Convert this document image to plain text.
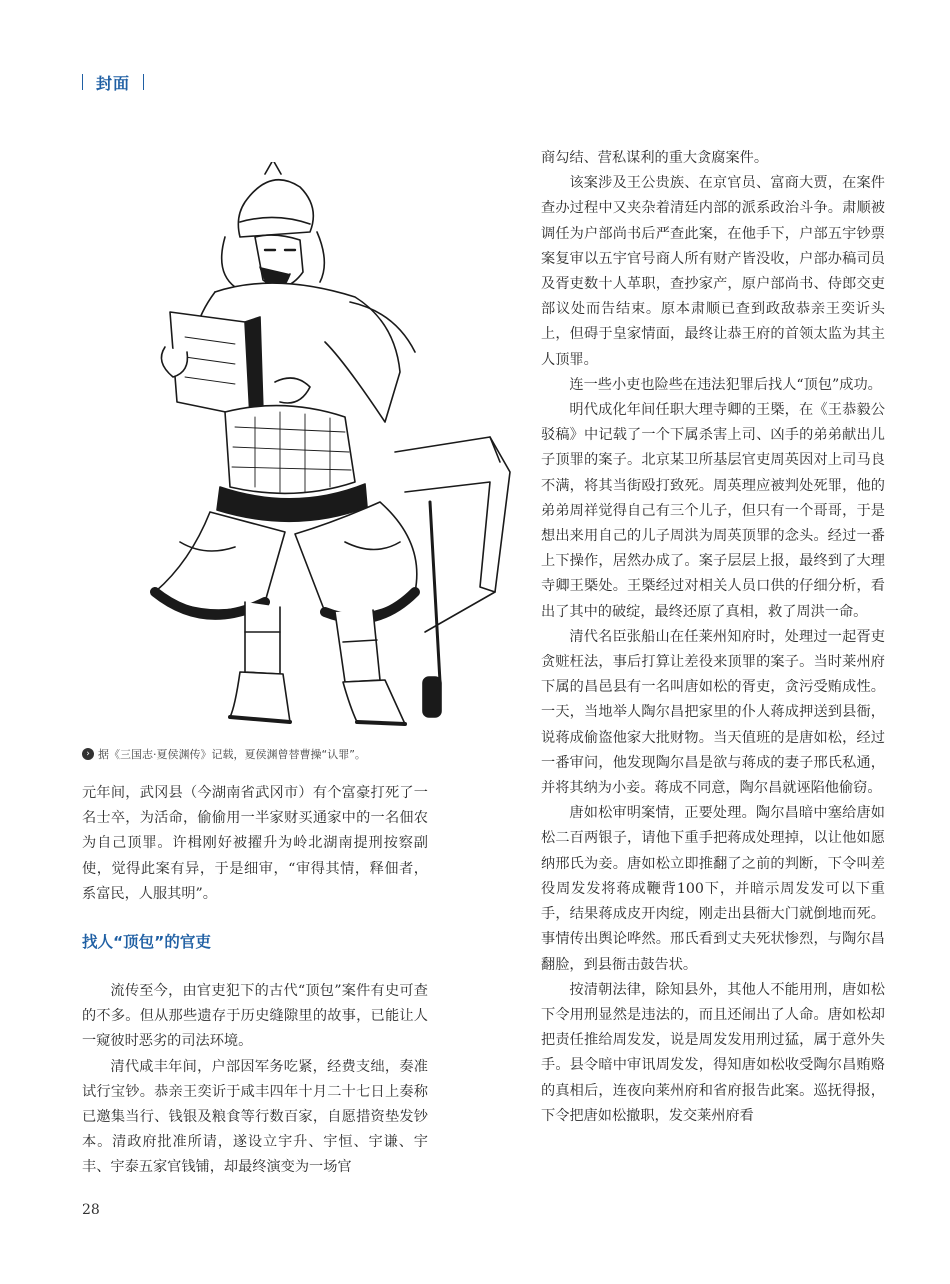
封面
› 据《三国志·夏侯渊传》记载，夏侯渊曾替曹操“认罪”。

元年间，武冈县（今湖南省武冈市）有个富豪打死了一名士卒，为活命，偷偷用一半家财买通家中的一名佃农为自己顶罪。许楫刚好被擢升为岭北湖南提刑按察副使，觉得此案有异，于是细审，“审得其情，释佃者，系富民，人服其明”。

找人“顶包”的官吏

流传至今，由官吏犯下的古代“顶包”案件有史可查的不多。但从那些遗存于历史缝隙里的故事，已能让人一窥彼时恶劣的司法环境。

清代咸丰年间，户部因军务吃紧，经费支绌，奏准试行宝钞。恭亲王奕䜣于咸丰四年十月二十七日上奏称已邀集当行、钱银及粮食等行数百家，自愿措资垫发钞本。清政府批准所请，遂设立宇升、宇恒、宇谦、宇丰、宇泰五家官钱铺，却最终演变为一场官

商勾结、营私谋利的重大贪腐案件。

该案涉及王公贵族、在京官员、富商大贾，在案件查办过程中又夹杂着清廷内部的派系政治斗争。肃顺被调任为户部尚书后严查此案，在他手下，户部五宇钞票案复审以五宇官号商人所有财产皆没收，户部办稿司员及胥吏数十人革职，查抄家产，原户部尚书、侍郎交吏部议处而告结束。原本肃顺已查到政敌恭亲王奕䜣头上，但碍于皇家情面，最终让恭王府的首领太监为其主人顶罪。

连一些小吏也险些在违法犯罪后找人“顶包”成功。

明代成化年间任职大理寺卿的王槩，在《王恭毅公驳稿》中记载了一个下属杀害上司、凶手的弟弟献出儿子顶罪的案子。北京某卫所基层官吏周英因对上司马良不满，将其当街殴打致死。周英理应被判处死罪，他的弟弟周祥觉得自己有三个儿子，但只有一个哥哥，于是想出来用自己的儿子周洪为周英顶罪的念头。经过一番上下操作，居然办成了。案子层层上报，最终到了大理寺卿王槩处。王槩经过对相关人员口供的仔细分析，看出了其中的破绽，最终还原了真相，救了周洪一命。

清代名臣张船山在任莱州知府时，处理过一起胥吏贪赃枉法，事后打算让差役来顶罪的案子。当时莱州府下属的昌邑县有一名叫唐如松的胥吏，贪污受贿成性。一天，当地举人陶尔昌把家里的仆人蒋成押送到县衙，说蒋成偷盗他家大批财物。当天值班的是唐如松，经过一番审问，他发现陶尔昌是欲与蒋成的妻子邢氏私通，并将其纳为小妾。蒋成不同意，陶尔昌就诬陷他偷窃。

唐如松审明案情，正要处理。陶尔昌暗中塞给唐如松二百两银子，请他下重手把蒋成处理掉，以让他如愿纳邢氏为妾。唐如松立即推翻了之前的判断，下令叫差役周发发将蒋成鞭背100下，并暗示周发发可以下重手，结果蒋成皮开肉绽，刚走出县衙大门就倒地而死。事情传出舆论哗然。邢氏看到丈夫死状惨烈，与陶尔昌翻脸，到县衙击鼓告状。

按清朝法律，除知县外，其他人不能用刑，唐如松下令用刑显然是违法的，而且还闹出了人命。唐如松却把责任推给周发发，说是周发发用刑过猛，属于意外失手。县令暗中审讯周发发，得知唐如松收受陶尔昌贿赂的真相后，连夜向莱州府和省府报告此案。巡抚得报，下令把唐如松撤职，发交莱州府看

28
